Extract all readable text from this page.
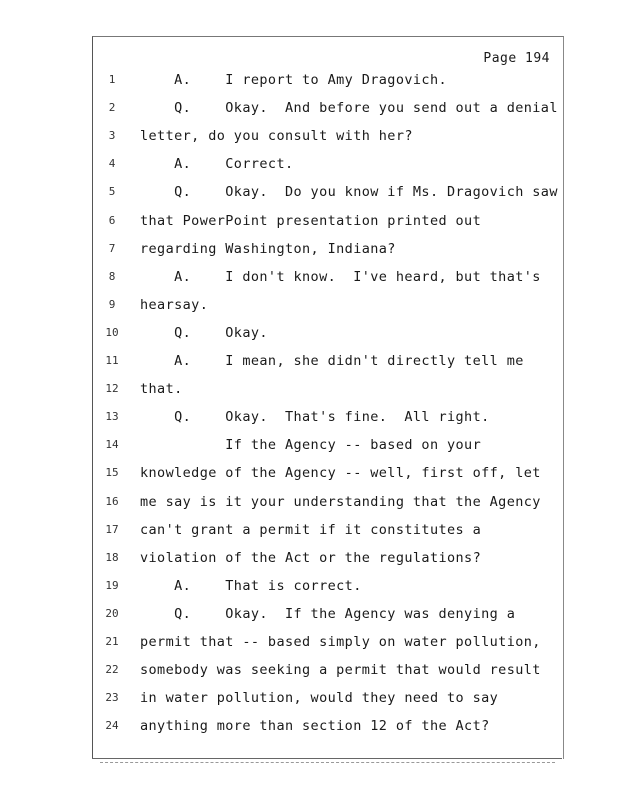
Page 194
1	A.    I report to Amy Dragovich.
2	Q.    Okay.  And before you send out a denial
3	letter, do you consult with her?
4	A.    Correct.
5	Q.    Okay.  Do you know if Ms. Dragovich saw
6	that PowerPoint presentation printed out
7	regarding Washington, Indiana?
8	A.    I don't know.  I've heard, but that's
9	hearsay.
10	Q.    Okay.
11	A.    I mean, she didn't directly tell me
12	that.
13	Q.    Okay.  That's fine.  All right.
14	If the Agency -- based on your
15	knowledge of the Agency -- well, first off, let
16	me say is it your understanding that the Agency
17	can't grant a permit if it constitutes a
18	violation of the Act or the regulations?
19	A.    That is correct.
20	Q.    Okay.  If the Agency was denying a
21	permit that -- based simply on water pollution,
22	somebody was seeking a permit that would result
23	in water pollution, would they need to say
24	anything more than section 12 of the Act?
